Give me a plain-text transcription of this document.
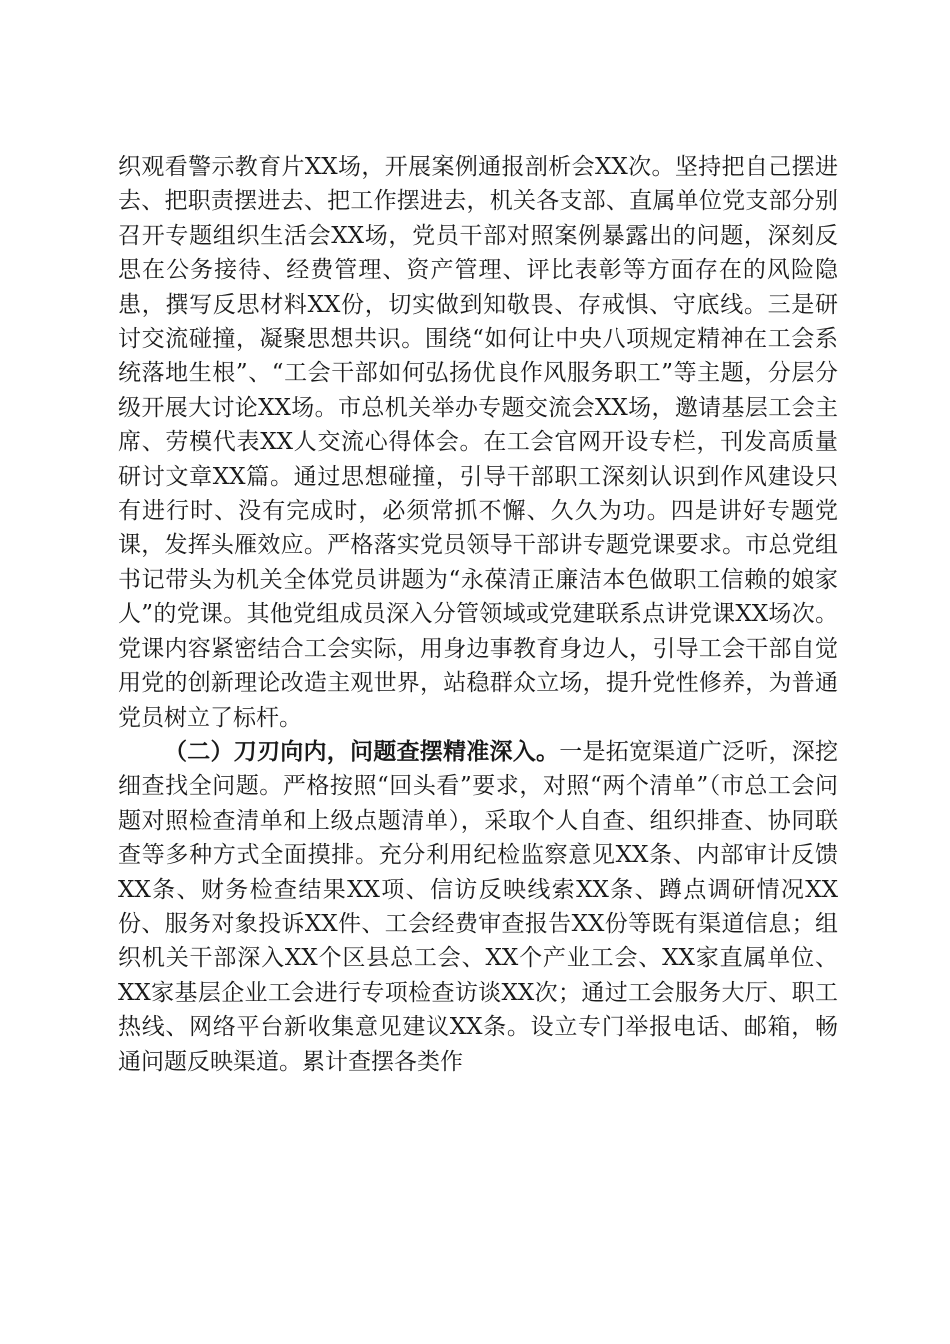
织观看警示教育片XX场，开展案例通报剖析会XX次。坚持把自己摆进去、把职责摆进去、把工作摆进去，机关各支部、直属单位党支部分别召开专题组织生活会XX场，党员干部对照案例暴露出的问题，深刻反思在公务接待、经费管理、资产管理、评比表彰等方面存在的风险隐患，撰写反思材料XX份，切实做到知敬畏、存戒惧、守底线。三是研讨交流碰撞，凝聚思想共识。围绕“如何让中央八项规定精神在工会系统落地生根”、“工会干部如何弘扬优良作风服务职工”等主题，分层分级开展大讨论XX场。市总机关举办专题交流会XX场，邀请基层工会主席、劳模代表XX人交流心得体会。在工会官网开设专栏，刊发高质量研讨文章XX篇。通过思想碰撞，引导干部职工深刻认识到作风建设只有进行时、没有完成时，必须常抓不懈、久久为功。四是讲好专题党课，发挥头雁效应。严格落实党员领导干部讲专题党课要求。市总党组书记带头为机关全体党员讲题为“永葆清正廉洁本色做职工信赖的娘家人”的党课。其他党组成员深入分管领域或党建联系点讲党课XX场次。党课内容紧密结合工会实际，用身边事教育身边人，引导工会干部自觉用党的创新理论改造主观世界，站稳群众立场，提升党性修养，为普通党员树立了标杆。

（二）刀刃向内，问题查摆精准深入。一是拓宽渠道广泛听，深挖细查找全问题。严格按照“回头看”要求，对照“两个清单”（市总工会问题对照检查清单和上级点题清单），采取个人自查、组织排查、协同联查等多种方式全面摸排。充分利用纪检监察意见XX条、内部审计反馈XX条、财务检查结果XX项、信访反映线索XX条、蹲点调研情况XX份、服务对象投诉XX件、工会经费审查报告XX份等既有渠道信息；组织机关干部深入XX个区县总工会、XX个产业工会、XX家直属单位、XX家基层企业工会进行专项检查访谈XX次；通过工会服务大厅、职工热线、网络平台新收集意见建议XX条。设立专门举报电话、邮箱，畅通问题反映渠道。累计查摆各类作
